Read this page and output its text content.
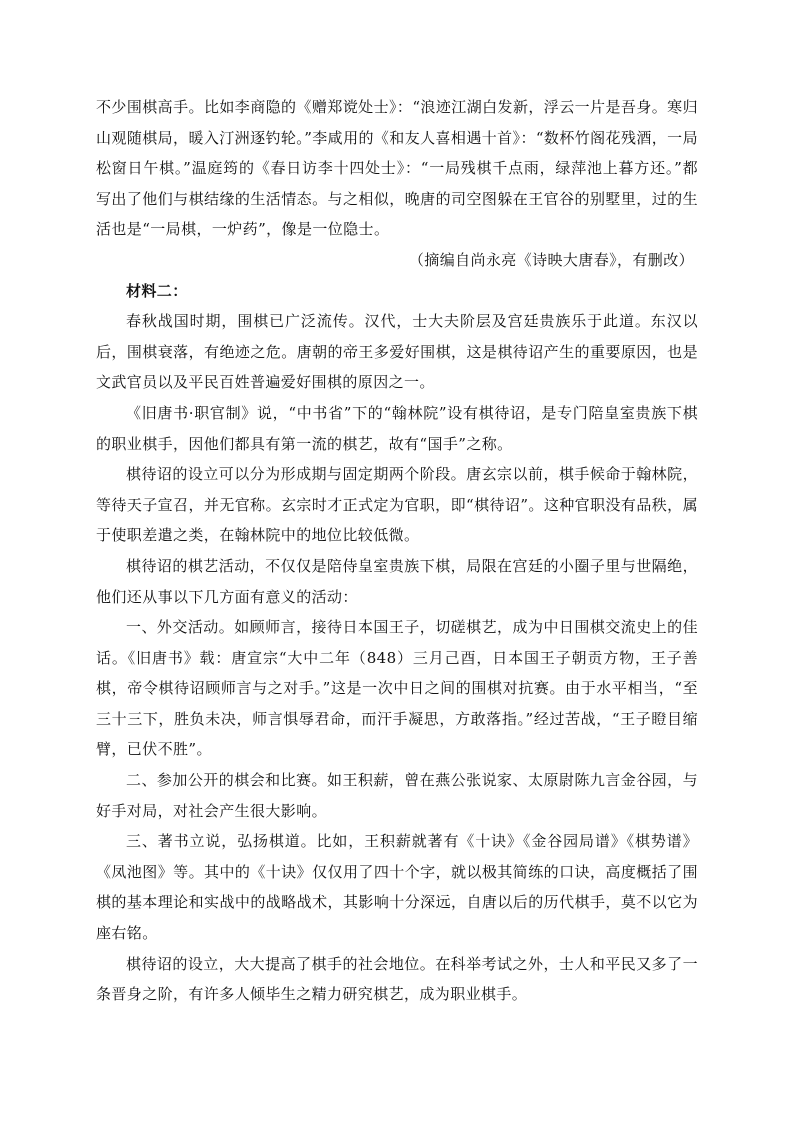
不少围棋高手。比如李商隐的《赠郑谠处士》：“浪迹江湖白发新，浮云一片是吾身。寒归山观随棋局，暖入汀洲逐钓轮。”李咸用的《和友人喜相遇十首》：“数杯竹阁花残酒，一局松窗日午棋。”温庭筠的《春日访李十四处士》：“一局残棋千点雨，绿萍池上暮方还。”都写出了他们与棋结缘的生活情态。与之相似，晚唐的司空图躲在王官谷的别墅里，过的生活也是“一局棋，一炉药”，像是一位隐士。

（摘编自尚永亮《诗映大唐春》，有删改）

材料二：

春秋战国时期，围棋已广泛流传。汉代，士大夫阶层及宫廷贵族乐于此道。东汉以后，围棋衰落，有绝迹之危。唐朝的帝王多爱好围棋，这是棋待诏产生的重要原因，也是文武官员以及平民百姓普遍爱好围棋的原因之一。

《旧唐书·职官制》说，“中书省”下的“翰林院”设有棋待诏，是专门陪皇室贵族下棋的职业棋手，因他们都具有第一流的棋艺，故有“国手”之称。

棋待诏的设立可以分为形成期与固定期两个阶段。唐玄宗以前，棋手候命于翰林院，等待天子宣召，并无官称。玄宗时才正式定为官职，即“棋待诏”。这种官职没有品秩，属于使职差遣之类，在翰林院中的地位比较低微。

棋待诏的棋艺活动，不仅仅是陪侍皇室贵族下棋，局限在宫廷的小圈子里与世隔绝，他们还从事以下几方面有意义的活动：

一、外交活动。如顾师言，接待日本国王子，切磋棋艺，成为中日围棋交流史上的佳话。《旧唐书》载：唐宣宗“大中二年（848）三月己酉，日本国王子朝贡方物，王子善棋，帝令棋待诏顾师言与之对手。”这是一次中日之间的围棋对抗赛。由于水平相当，“至三十三下，胜负未决，师言惧辱君命，而汗手凝思，方敢落指。”经过苦战，“王子瞪目缩臂，已伏不胜”。

二、参加公开的棋会和比赛。如王积薪，曾在燕公张说家、太原尉陈九言金谷园，与好手对局，对社会产生很大影响。

三、著书立说，弘扬棋道。比如，王积薪就著有《十诀》《金谷园局谱》《棋势谱》《凤池图》等。其中的《十诀》仅仅用了四十个字，就以极其简练的口诀，高度概括了围棋的基本理论和实战中的战略战术，其影响十分深远，自唐以后的历代棋手，莫不以它为座右铭。

棋待诏的设立，大大提高了棋手的社会地位。在科举考试之外，士人和平民又多了一条晋身之阶，有许多人倾毕生之精力研究棋艺，成为职业棋手。
